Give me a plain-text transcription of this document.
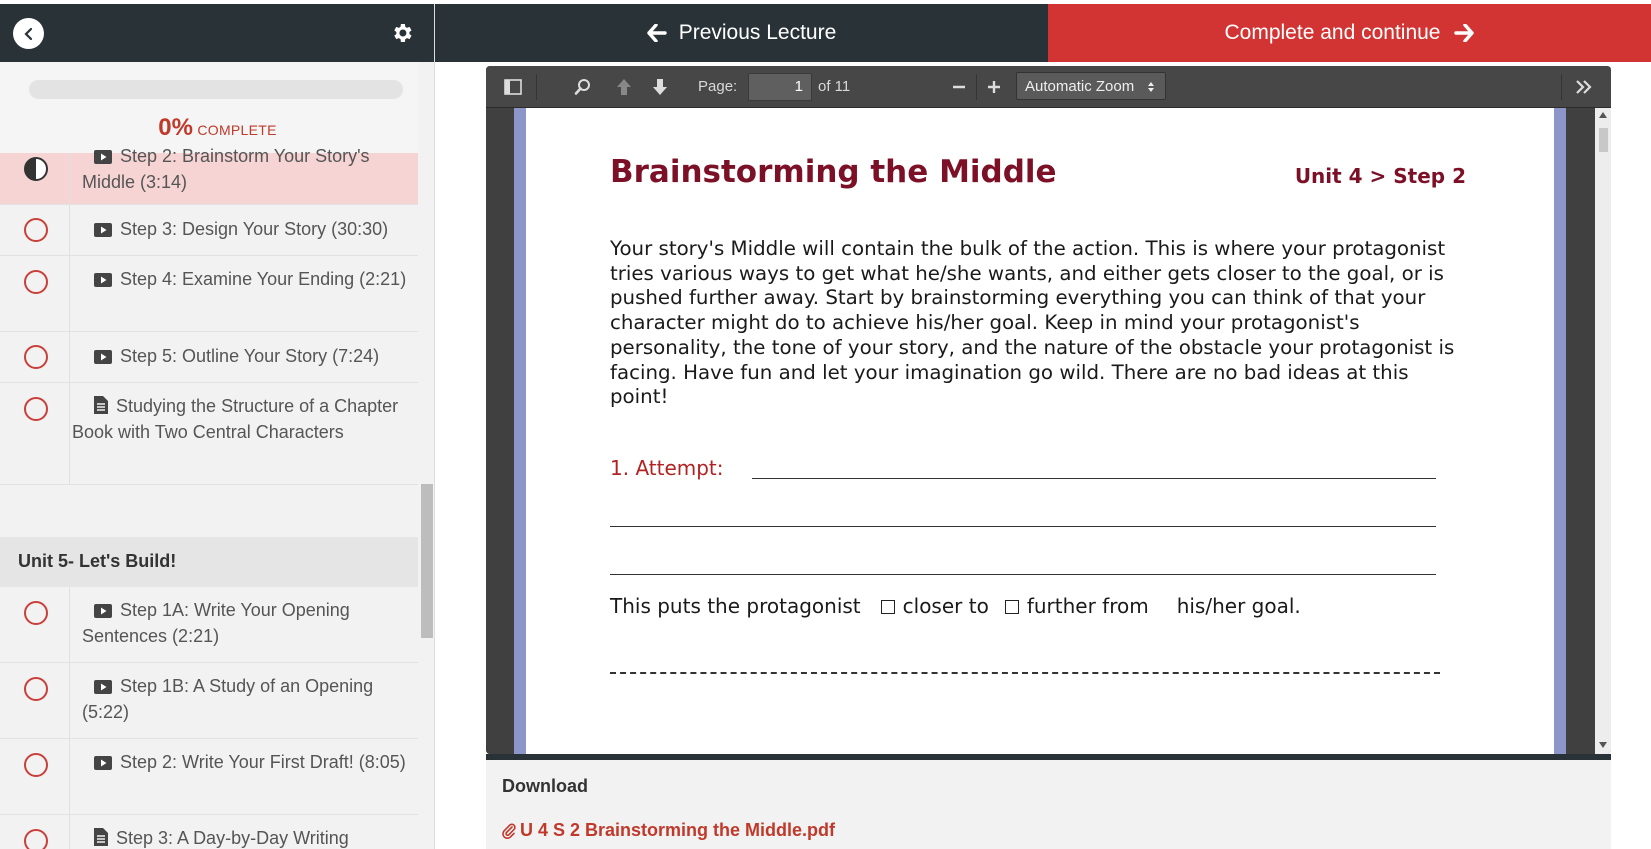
0% COMPLETE
Step 2: Brainstorm Your Story's Middle (3:14)
Step 3: Design Your Story (30:30)
Step 4: Examine Your Ending (2:21)
Step 5: Outline Your Story (7:24)
Studying the Structure of a Chapter Book with Two Central Characters
Unit 5- Let's Build!
Step 1A: Write Your Opening Sentences (2:21)
Step 1B: A Study of an Opening (5:22)
Step 2: Write Your First Draft! (8:05)
Step 3: A Day-by-Day Writing
Previous Lecture	Complete and continue
Page:	1	of 11	Automatic Zoom
Brainstorming the Middle	Unit 4 > Step 2
Your story's Middle will contain the bulk of the action. This is where your protagonist tries various ways to get what he/she wants, and either gets closer to the goal, or is pushed further away. Start by brainstorming everything you can think of that your character might do to achieve his/her goal. Keep in mind your protagonist's personality, the tone of your story, and the nature of the obstacle your protagonist is facing. Have fun and let your imagination go wild. There are no bad ideas at this point!
1. Attempt:
This puts the protagonist closer to further from his/her goal.
Download
U 4 S 2 Brainstorming the Middle.pdf
